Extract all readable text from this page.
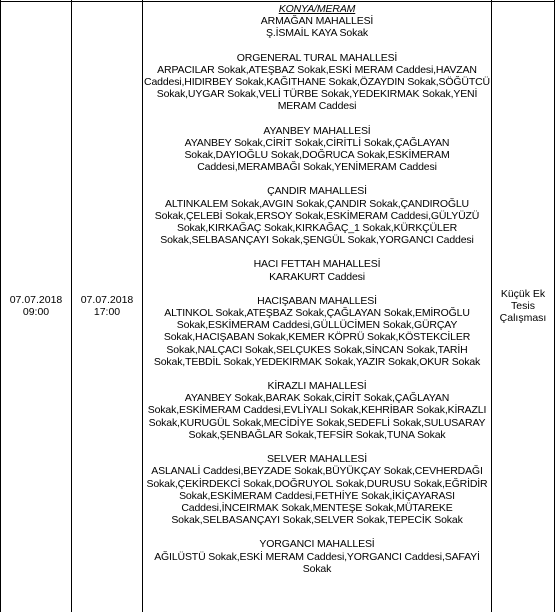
07.07.2018
09:00
07.07.2018
17:00
Küçük Ek
Tesis
Çalışması
KONYA/MERAM
ARMAĞAN MAHALLESİ
Ş.İSMAİL KAYA Sokak
ORGENERAL TURAL MAHALLESİ
ARPACILAR Sokak,ATEŞBAZ Sokak,ESKİ MERAM Caddesi,HAVZAN
Caddesi,HIDIRBEY Sokak,KAĞITHANE Sokak,ÖZAYDIN Sokak,SÖĞÜTCÜ
Sokak,UYGAR Sokak,VELİ TÜRBE Sokak,YEDEKIRMAK Sokak,YENİ
MERAM Caddesi
AYANBEY MAHALLESİ
AYANBEY Sokak,CİRİT Sokak,CİRİTLİ Sokak,ÇAĞLAYAN
Sokak,DAYIOĞLU Sokak,DOĞRUCA Sokak,ESKİMERAM
Caddesi,MERAMBAĞI Sokak,YENİMERAM Caddesi
ÇANDIR MAHALLESİ
ALTINKALEM Sokak,AVGIN Sokak,ÇANDIR Sokak,ÇANDIROĞLU
Sokak,ÇELEBİ Sokak,ERSOY Sokak,ESKİMERAM Caddesi,GÜLYÜZÜ
Sokak,KIRKAĞAÇ Sokak,KIRKAĞAÇ_1 Sokak,KÜRKÇÜLER
Sokak,SELBASANÇAYI Sokak,ŞENGÜL Sokak,YORGANCI Caddesi
HACI FETTAH MAHALLESİ
KARAKURT Caddesi
HACIŞABAN MAHALLESİ
ALTINKOL Sokak,ATEŞBAZ Sokak,ÇAĞLAYAN Sokak,EMİROĞLU
Sokak,ESKİMERAM Caddesi,GÜLLÜCİMEN Sokak,GÜRÇAY
Sokak,HACIŞABAN Sokak,KEMER KÖPRÜ Sokak,KÖSTEKCİLER
Sokak,NALÇACI Sokak,SELÇUKES Sokak,SİNCAN Sokak,TARİH
Sokak,TEBDİL Sokak,YEDEKIRMAK Sokak,YAZIR Sokak,OKUR Sokak
KİRAZLI MAHALLESİ
AYANBEY Sokak,BARAK Sokak,CİRİT Sokak,ÇAĞLAYAN
Sokak,ESKİMERAM Caddesi,EVLİYALI Sokak,KEHRİBAR Sokak,KİRAZLI
Sokak,KURUGÜL Sokak,MECİDİYE Sokak,SEDEFLİ Sokak,SULUSARAY
Sokak,ŞENBAĞLAR Sokak,TEFSİR Sokak,TUNA Sokak
SELVER MAHALLESİ
ASLANALİ Caddesi,BEYZADE Sokak,BÜYÜKÇAY Sokak,CEVHERDAĞI
Sokak,ÇEKİRDEKCİ Sokak,DOĞRUYOL Sokak,DURUSU Sokak,EĞRİDİR
Sokak,ESKİMERAM Caddesi,FETHİYE Sokak,İKİÇAYARASI
Caddesi,İNCEIRMAK Sokak,MENTEŞE Sokak,MÜTAREKE
Sokak,SELBASANÇAYI Sokak,SELVER Sokak,TEPECİK Sokak
YORGANCI MAHALLESİ
AĞILÜSTÜ Sokak,ESKİ MERAM Caddesi,YORGANCI Caddesi,SAFAYİ
Sokak
